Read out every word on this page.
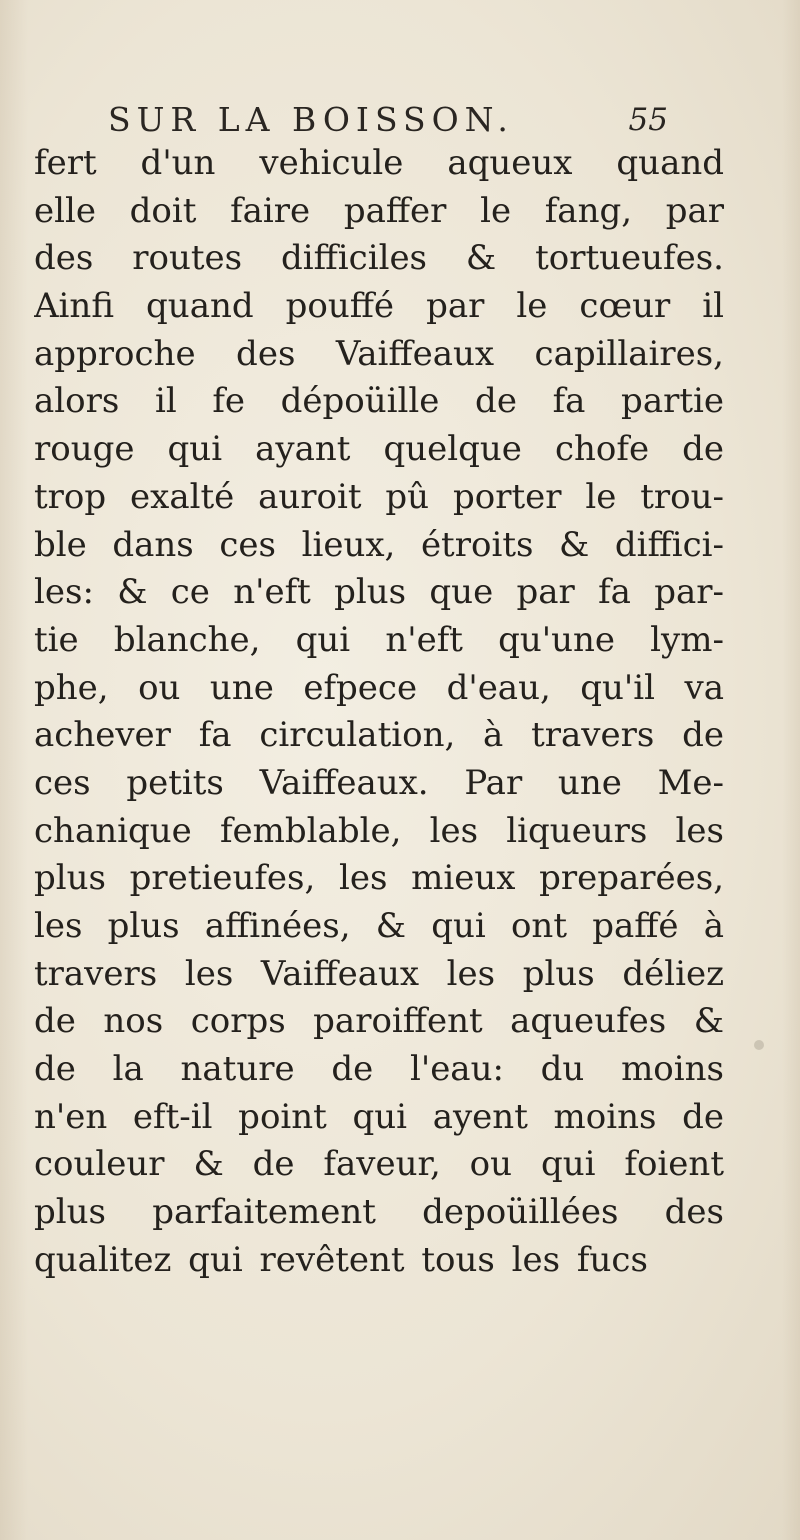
SUR LA BOISSON.	55
fert d'un vehicule aqueux quand
elle doit faire paffer le fang, par
des routes difficiles & tortueufes.
Ainfi quand pouffé par le cœur il
approche des Vaiffeaux capillaires,
alors il fe dépoüille de fa partie
rouge qui ayant quelque chofe de
trop exalté auroit pû porter le trou-
ble dans ces lieux, étroits & diffici-
les: & ce n'eft plus que par fa par-
tie blanche, qui n'eft qu'une lym-
phe, ou une efpece d'eau, qu'il va
achever fa circulation, à travers de
ces petits Vaiffeaux. Par une Me-
chanique femblable, les liqueurs les
plus pretieufes, les mieux preparées,
les plus affinées, & qui ont paffé à
travers les Vaiffeaux les plus déliez
de nos corps paroiffent aqueufes &
de la nature de l'eau: du moins
n'en eft-il point qui ayent moins de
couleur & de faveur, ou qui foient
plus parfaitement depoüillées des
qualitez qui revêtent tous les fucs
